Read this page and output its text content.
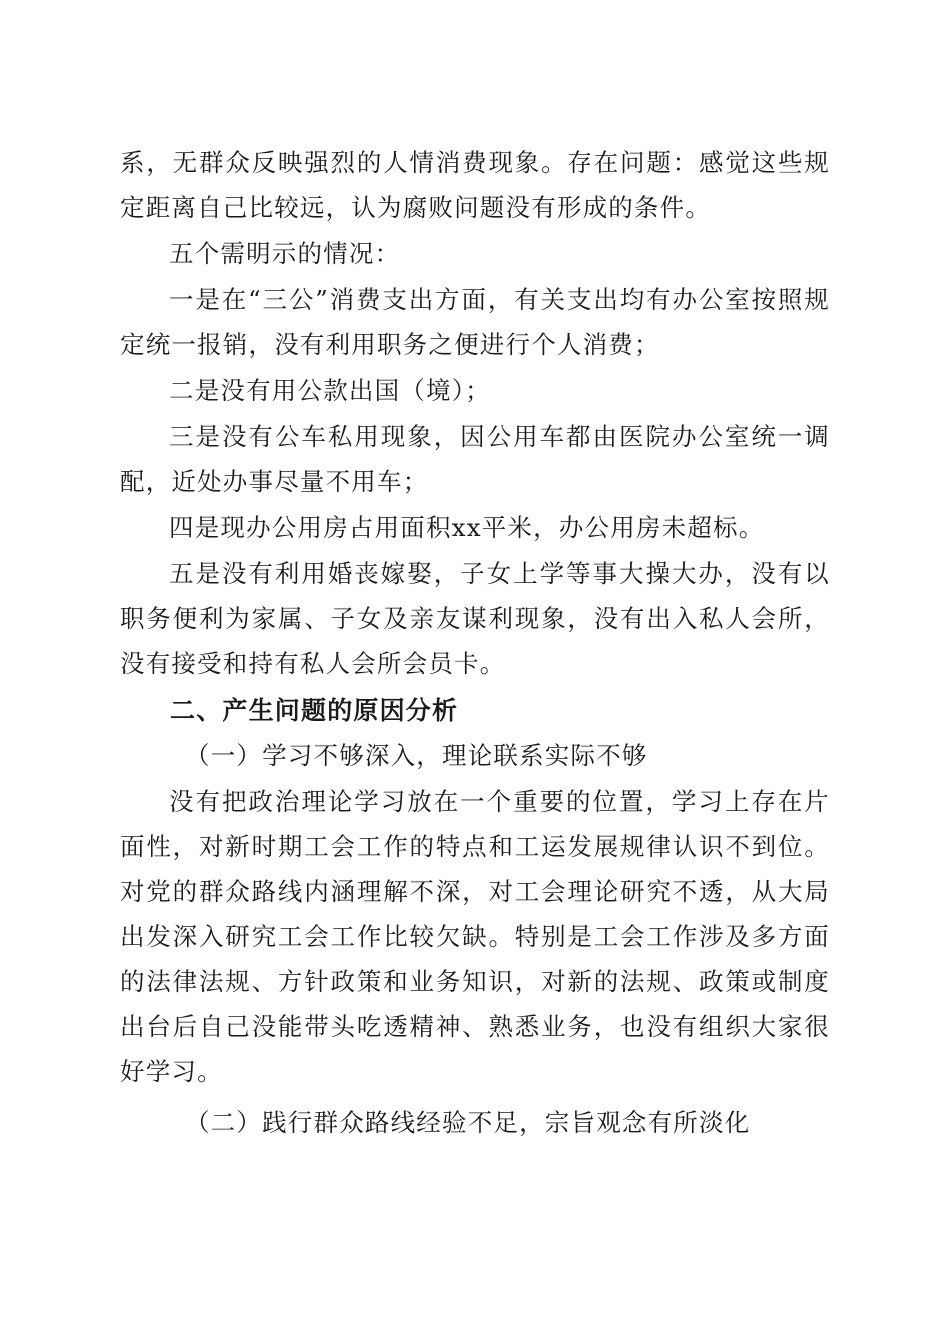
系，无群众反映强烈的人情消费现象。存在问题：感觉这些规定距离自己比较远，认为腐败问题没有形成的条件。

五个需明示的情况：

一是在“三公”消费支出方面，有关支出均有办公室按照规定统一报销，没有利用职务之便进行个人消费；

二是没有用公款出国（境）；

三是没有公车私用现象，因公用车都由医院办公室统一调配，近处办事尽量不用车；

四是现办公用房占用面积xx平米，办公用房未超标。

五是没有利用婚丧嫁娶，子女上学等事大操大办，没有以职务便利为家属、子女及亲友谋利现象，没有出入私人会所，没有接受和持有私人会所会员卡。

二、产生问题的原因分析

（一）学习不够深入，理论联系实际不够

没有把政治理论学习放在一个重要的位置，学习上存在片面性，对新时期工会工作的特点和工运发展规律认识不到位。对党的群众路线内涵理解不深，对工会理论研究不透，从大局出发深入研究工会工作比较欠缺。特别是工会工作涉及多方面的法律法规、方针政策和业务知识，对新的法规、政策或制度出台后自己没能带头吃透精神、熟悉业务，也没有组织大家很好学习。

（二）践行群众路线经验不足，宗旨观念有所淡化
